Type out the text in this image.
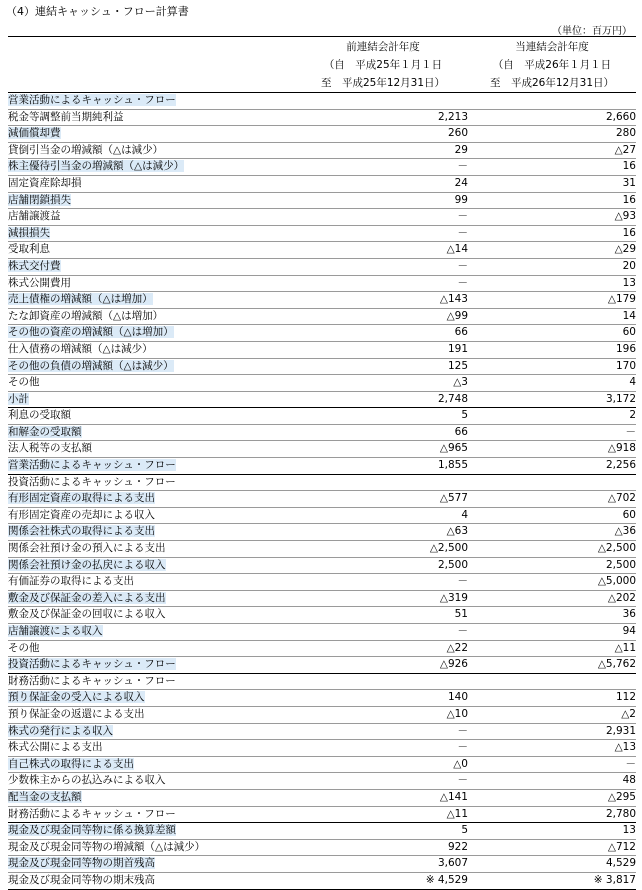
（4）連結キャッシュ・フロー計算書
（単位：百万円）
	前連結会計年度	当連結会計年度
	（自　平成25年１月１日	（自　平成26年１月１日
	至　平成25年12月31日）	至　平成26年12月31日）
営業活動によるキャッシュ・フロー		
税金等調整前当期純利益	2,213	2,660
減価償却費	260	280
貸倒引当金の増減額（△は減少）	29	△27
株主優待引当金の増減額（△は減少）	－	16
固定資産除却損	24	31
店舗閉鎖損失	99	16
店舗譲渡益	－	△93
減損損失	－	16
受取利息	△14	△29
株式交付費	－	20
株式公開費用	－	13
売上債権の増減額（△は増加）	△143	△179
たな卸資産の増減額（△は増加）	△99	14
その他の資産の増減額（△は増加）	66	60
仕入債務の増減額（△は減少）	191	196
その他の負債の増減額（△は減少）	125	170
その他	△3	4
小計	2,748	3,172
利息の受取額	5	2
和解金の受取額	66	－
法人税等の支払額	△965	△918
営業活動によるキャッシュ・フロー	1,855	2,256
投資活動によるキャッシュ・フロー		
有形固定資産の取得による支出	△577	△702
有形固定資産の売却による収入	4	60
関係会社株式の取得による支出	△63	△36
関係会社預け金の預入による支出	△2,500	△2,500
関係会社預け金の払戻による収入	2,500	2,500
有価証券の取得による支出	－	△5,000
敷金及び保証金の差入による支出	△319	△202
敷金及び保証金の回収による収入	51	36
店舗譲渡による収入	－	94
その他	△22	△11
投資活動によるキャッシュ・フロー	△926	△5,762
財務活動によるキャッシュ・フロー		
預り保証金の受入による収入	140	112
預り保証金の返還による支出	△10	△2
株式の発行による収入	－	2,931
株式公開による支出	－	△13
自己株式の取得による支出	△0	－
少数株主からの払込みによる収入	－	48
配当金の支払額	△141	△295
財務活動によるキャッシュ・フロー	△11	2,780
現金及び現金同等物に係る換算差額	5	13
現金及び現金同等物の増減額（△は減少）	922	△712
現金及び現金同等物の期首残高	3,607	4,529
現金及び現金同等物の期末残高	※ 4,529	※ 3,817
